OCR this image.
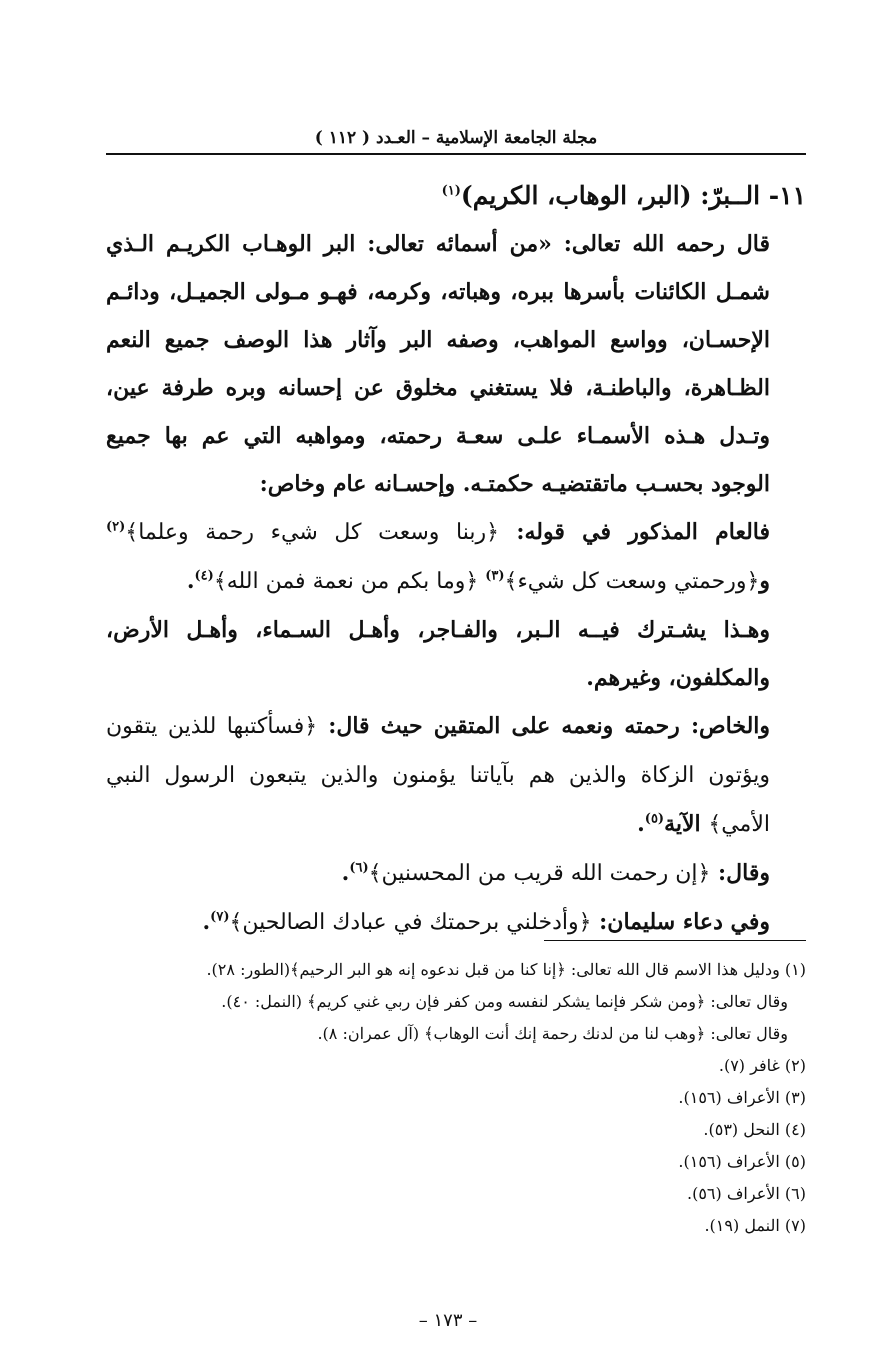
مجلة الجامعة الإسلامية – العـدد ( ١١٢ )

١١- الــبرّ: (البر، الوهاب، الكريم)$^{(١)}$

قال رحمه الله تعالى: «من أسمائه تعالى: البر الوهـاب الكريـم الـذي شمـل الكائنات بأسرها ببره، وهباته، وكرمه، فهـو مـولى الجميـل، ودائـم الإحسـان، وواسع المواهب، وصفه البر وآثار هذا الوصف جميع النعم الظـاهرة، والباطنـة، فلا يستغني مخلوق عن إحسانه وبره طرفة عين، وتـدل هـذه الأسمـاء علـى سعـة رحمته، ومواهبه التي عم بها جميع الوجود بحسـب ماتقتضيـه حكمتـه. وإحسـانه عام وخاص:

فالعام المذكور في قوله: ﴿ربنا وسعت كل شيء رحمة وعلما﴾$^{(٢)}$ و﴿ورحمتي وسعت كل شيء﴾$^{(٣)}$ ﴿وما بكم من نعمة فمن الله﴾$^{(٤)}$.

وهـذا يشـترك فيــه الـبر، والفـاجر، وأهـل السـماء، وأهـل الأرض، والمكلفون، وغيرهم.

والخاص: رحمته ونعمه على المتقين حيث قال: ﴿فسأكتبها للذين يتقون ويؤتون الزكاة والذين هم بآياتنا يؤمنون والذين يتبعون الرسول النبي الأمي﴾ الآية$^{(٥)}$.

وقال: ﴿إن رحمت الله قريب من المحسنين﴾$^{(٦)}$.

وفي دعاء سليمان: ﴿وأدخلني برحمتك في عبادك الصالحين﴾$^{(٧)}$.

(١) ودليل هذا الاسم قال الله تعالى: ﴿إنا كنا من قبل ندعوه إنه هو البر الرحيم﴾(الطور: ٢٨).
وقال تعالى: ﴿ومن شكر فإنما يشكر لنفسه ومن كفر فإن ربي غني كريم﴾ (النمل: ٤٠).
وقال تعالى: ﴿وهب لنا من لدنك رحمة إنك أنت الوهاب﴾ (آل عمران: ٨).
(٢) غافر (٧).
(٣) الأعراف (١٥٦).
(٤) النحل (٥٣).
(٥) الأعراف (١٥٦).
(٦) الأعراف (٥٦).
(٧) النمل (١٩).
– ١٧٣ –
